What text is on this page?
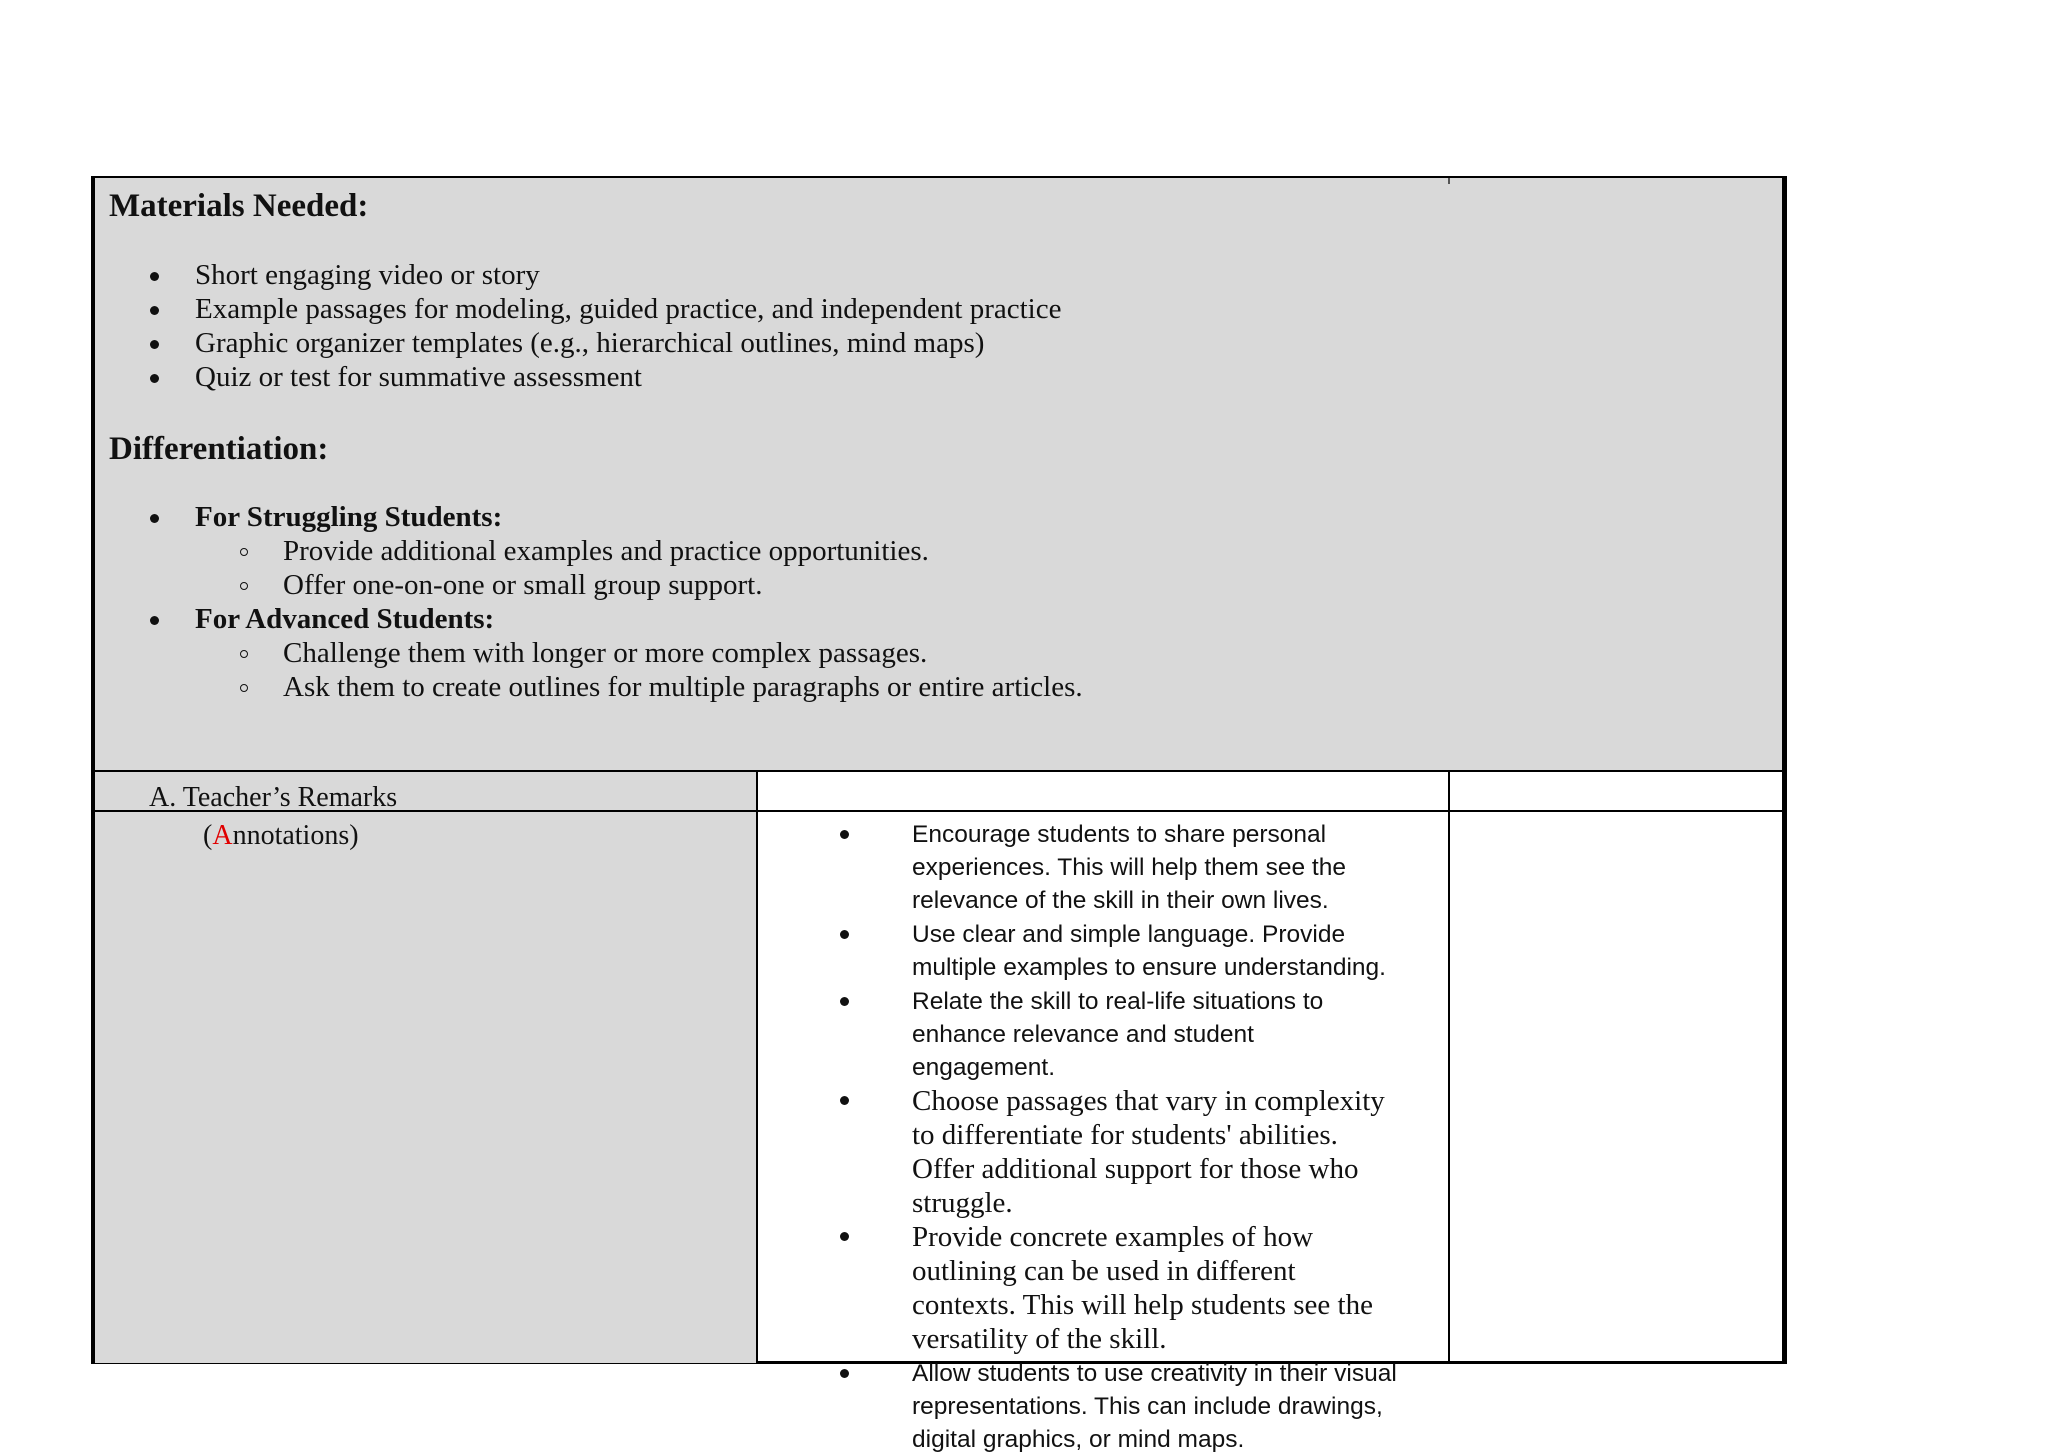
Materials Needed:
Short engaging video or story
Example passages for modeling, guided practice, and independent practice
Graphic organizer templates (e.g., hierarchical outlines, mind maps)
Quiz or test for summative assessment
Differentiation:
For Struggling Students:
Provide additional examples and practice opportunities.
Offer one-on-one or small group support.
For Advanced Students:
Challenge them with longer or more complex passages.
Ask them to create outlines for multiple paragraphs or entire articles.
A. Teacher’s Remarks
(Annotations)	Encourage students to share personal experiences. This will help them see the relevance of the skill in their own lives.
Use clear and simple language. Provide multiple examples to ensure understanding.
Relate the skill to real-life situations to enhance relevance and student engagement.
Choose passages that vary in complexity to differentiate for students' abilities. Offer additional support for those who struggle.
Provide concrete examples of how outlining can be used in different contexts. This will help students see the versatility of the skill.
Allow students to use creativity in their visual representations. This can include drawings, digital graphics, or mind maps.
